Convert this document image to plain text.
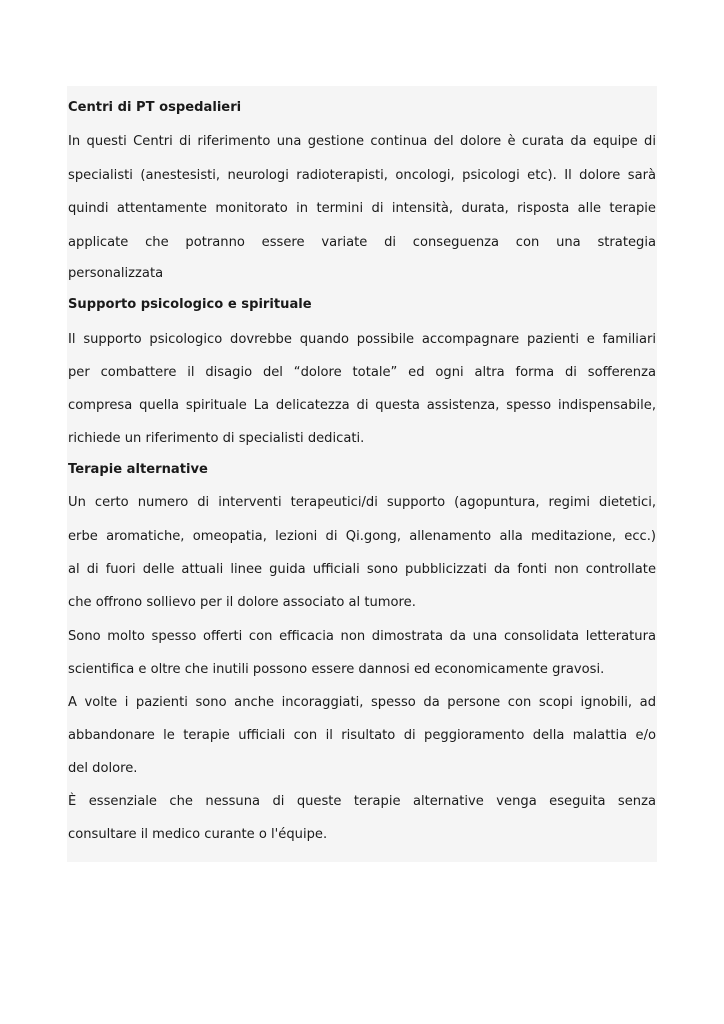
Centri di PT ospedalieri
In questi Centri di riferimento una gestione continua del dolore è curata da equipe di
specialisti (anestesisti, neurologi radioterapisti, oncologi, psicologi etc). Il dolore sarà
quindi attentamente monitorato in termini di intensità, durata, risposta alle terapie
applicate che potranno essere variate di conseguenza con una strategia
personalizzata
Supporto psicologico e spirituale
Il supporto psicologico dovrebbe quando possibile accompagnare pazienti e familiari
per combattere il disagio del “dolore totale” ed ogni altra forma di sofferenza
compresa quella spirituale La delicatezza di questa assistenza, spesso indispensabile,
richiede un riferimento di specialisti dedicati.
Terapie alternative
Un certo numero di interventi terapeutici/di supporto (agopuntura, regimi dietetici,
erbe aromatiche, omeopatia, lezioni di Qi.gong, allenamento alla meditazione, ecc.)
al di fuori delle attuali linee guida ufficiali sono pubblicizzati da fonti non controllate
che offrono sollievo per il dolore associato al tumore.
Sono molto spesso offerti con efficacia non dimostrata da una consolidata letteratura
scientifica e oltre che inutili possono essere dannosi ed economicamente gravosi.
A volte i pazienti sono anche incoraggiati, spesso da persone con scopi ignobili, ad
abbandonare le terapie ufficiali con il risultato di peggioramento della malattia e/o
del dolore.
È essenziale che nessuna di queste terapie alternative venga eseguita senza
consultare il medico curante o l'équipe.
